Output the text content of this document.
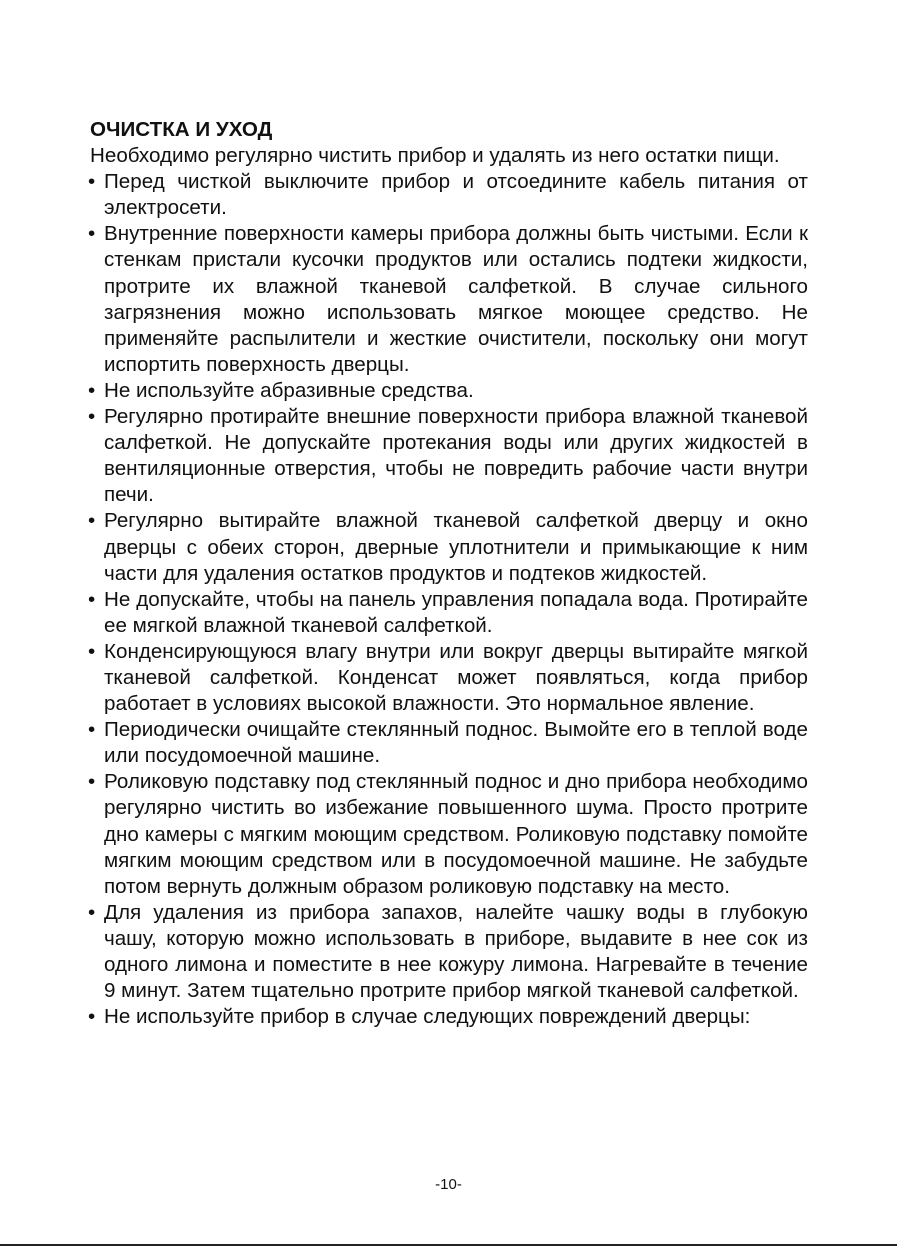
ОЧИСТКА И УХОД

Необходимо регулярно чистить прибор и удалять из него остатки пищи.

• Перед чисткой выключите прибор и отсоедините кабель питания от электросети.
• Внутренние поверхности камеры прибора должны быть чистыми. Если к стенкам пристали кусочки продуктов или остались подтеки жидкости, протрите их влажной тканевой салфеткой. В случае сильного загрязнения можно использовать мягкое моющее средство. Не применяйте распылители и жесткие очистители, поскольку они могут испортить поверхность дверцы.
• Не используйте абразивные средства.
• Регулярно протирайте внешние поверхности прибора влажной тканевой салфеткой. Не допускайте протекания воды или других жидкостей в вентиляционные отверстия, чтобы не повредить рабочие части внутри печи.
• Регулярно вытирайте влажной тканевой салфеткой дверцу и окно дверцы с обеих сторон, дверные уплотнители и примыкающие к ним части для удаления остатков продуктов и подтеков жидкостей.
• Не допускайте, чтобы на панель управления попадала вода. Протирайте ее мягкой влажной тканевой салфеткой.
• Конденсирующуюся влагу внутри или вокруг дверцы вытирайте мягкой тканевой салфеткой. Конденсат может появляться, когда прибор работает в условиях высокой влажности. Это нормальное явление.
• Периодически очищайте стеклянный поднос. Вымойте его в теплой воде или посудомоечной машине.
• Роликовую подставку под стеклянный поднос и дно прибора необходимо регулярно чистить во избежание повышенного шума. Просто протрите дно камеры с мягким моющим средством. Роликовую подставку помойте мягким моющим средством или в посудомоечной машине. Не забудьте потом вернуть должным образом роликовую подставку на место.
• Для удаления из прибора запахов, налейте чашку воды в глубокую чашу, которую можно использовать в приборе, выдавите в нее сок из одного лимона и поместите в нее кожуру лимона. Нагревайте в течение 9 минут. Затем тщательно протрите прибор мягкой тканевой салфеткой.
• Не используйте прибор в случае следующих повреждений дверцы:
-10-
